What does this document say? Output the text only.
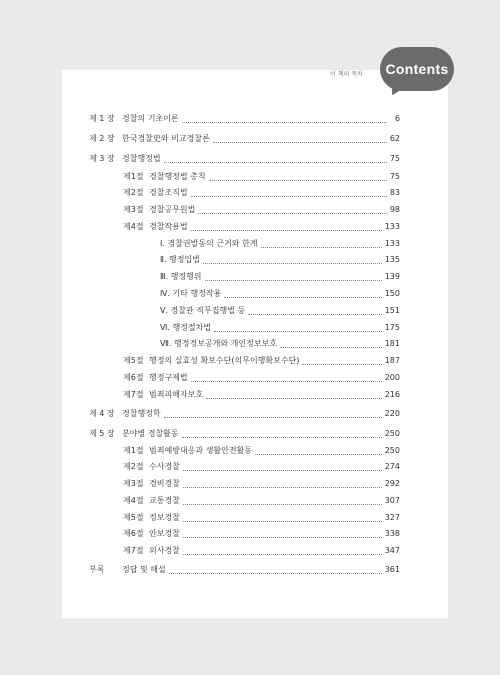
이 책의 목차	Contents
제 1 장 경찰의 기초이론	6
제 2 장 한국경찰史와 비교경찰론	62
제 3 장 경찰행정법	75
제1절 경찰행정법 총칙	75
제2절 경찰조직법	83
제3절 경찰공무원법	98
제4절 경찰작용법	133
Ⅰ. 경찰권발동의 근거와 한계	133
Ⅱ. 행정입법	135
Ⅲ. 행정행위	139
Ⅳ. 기타 행정작용	150
Ⅴ. 경찰관 직무집행법 등	151
Ⅵ. 행정절차법	175
Ⅶ. 행정정보공개와 개인정보보호	181
제5절 행정의 실효성 확보수단(의무이행확보수단)	187
제6절 행정구제법	200
제7절 범죄피해자보호	216
제 4 장 경찰행정학	220
제 5 장 분야별 경찰활동	250
제1절 범죄예방대응과 생활안전활동	250
제2절 수사경찰	274
제3절 경비경찰	292
제4절 교통경찰	307
제5절 정보경찰	327
제6절 안보경찰	338
제7절 외사경찰	347
부록	정답 및 해설	361
